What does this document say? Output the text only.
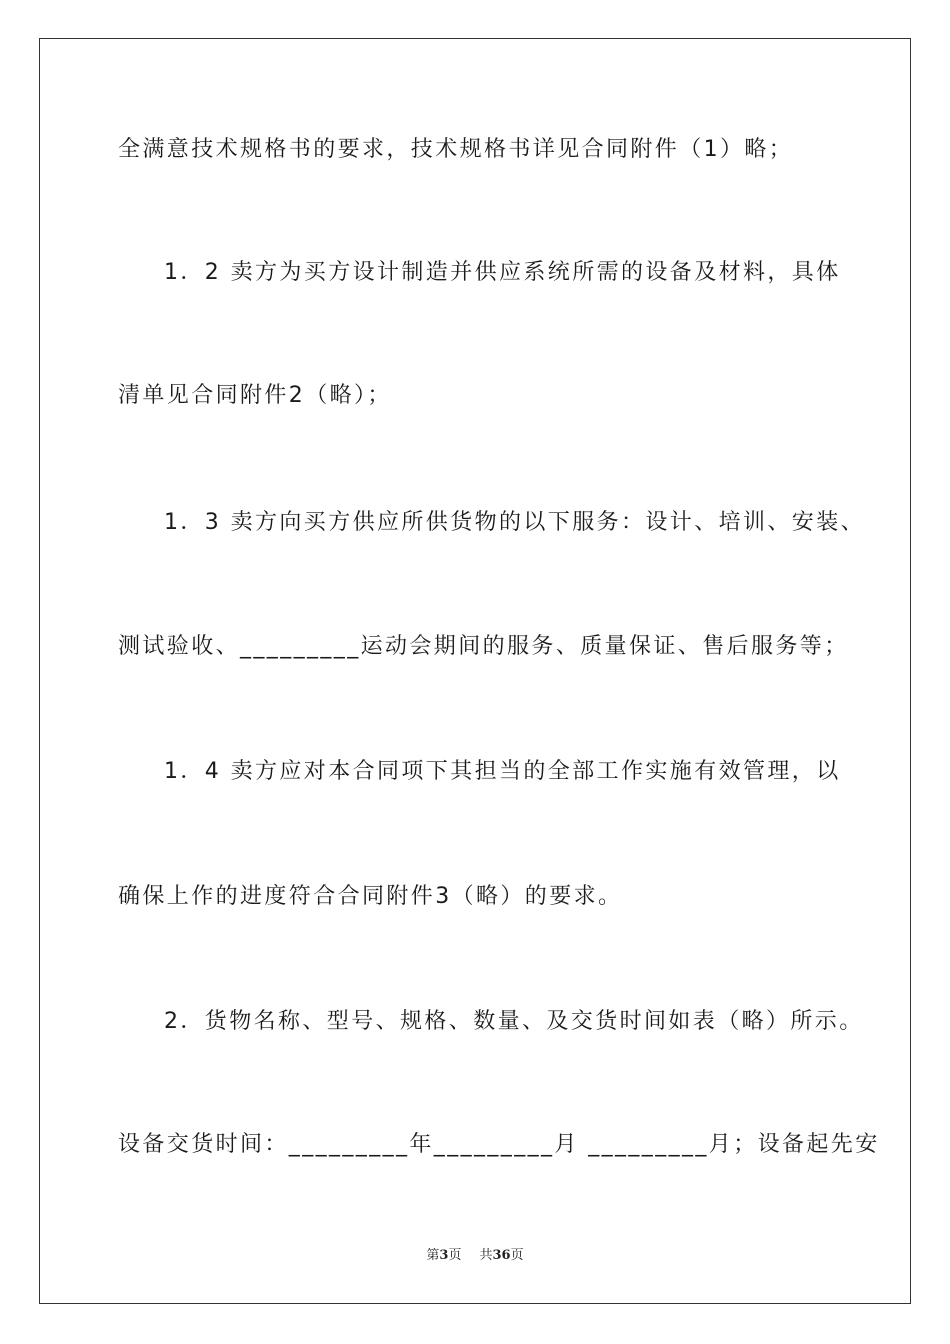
全满意技术规格书的要求，技术规格书详见合同附件（1）略；
1．2 卖方为买方设计制造并供应系统所需的设备及材料，具体
清单见合同附件2（略）；
1．3 卖方向买方供应所供货物的以下服务：设计、培训、安装、
测试验收、_________运动会期间的服务、质量保证、售后服务等；
1．4 卖方应对本合同项下其担当的全部工作实施有效管理，以
确保上作的进度符合合同附件3（略）的要求。
2．货物名称、型号、规格、数量、及交货时间如表（略）所示。
设备交货时间：_________年_________月 _________月；设备起先安
第3页 共36页
